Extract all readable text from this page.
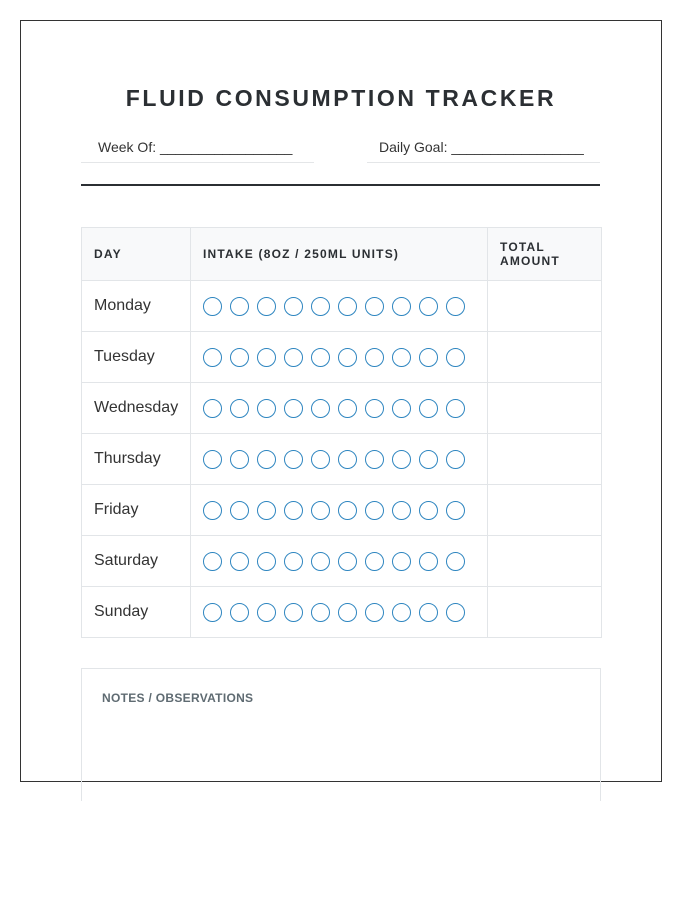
FLUID CONSUMPTION TRACKER
Week Of: _________________	Daily Goal: _________________
DAY	INTAKE (8OZ / 250ML UNITS)	TOTAL AMOUNT
Monday	

Tuesday	

Wednesday	

Thursday	

Friday	

Saturday	

Sunday	

NOTES / OBSERVATIONS
